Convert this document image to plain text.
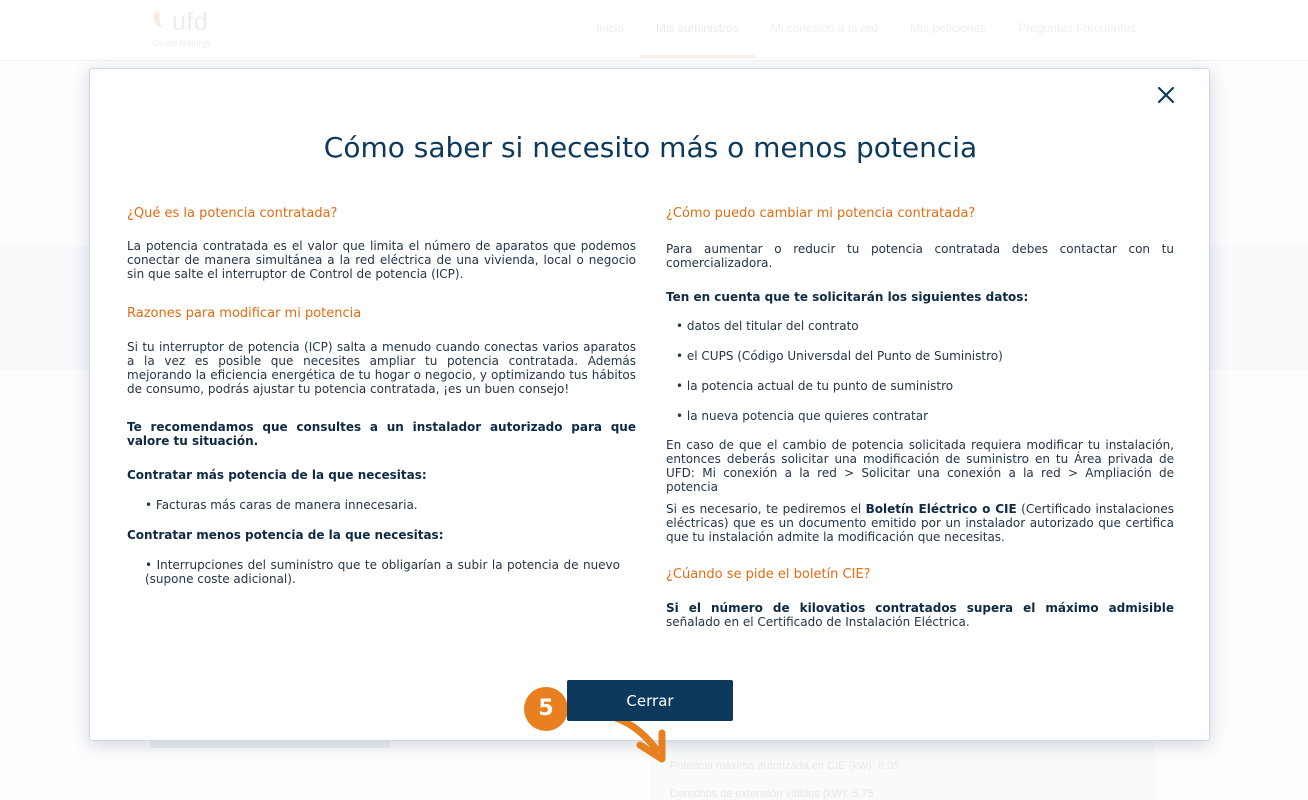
Cómo saber si necesito más o menos potencia
¿Qué es la potencia contratada?

La potencia contratada es el valor que limita el número de aparatos que podemos conectar de manera simultánea a la red eléctrica de una vivienda, local o negocio sin que salte el interruptor de Control de potencia (ICP).

Razones para modificar mi potencia

Si tu interruptor de potencia (ICP) salta a menudo cuando conectas varios aparatos a la vez es posible que necesites ampliar tu potencia contratada. Además mejorando la eficiencia energética de tu hogar o negocio, y optimizando tus hábitos de consumo, podrás ajustar tu potencia contratada, ¡es un buen consejo!

Te recomendamos que consultes a un instalador autorizado para que valore tu situación.

Contratar más potencia de la que necesitas:

• Facturas más caras de manera innecesaria.

Contratar menos potencia de la que necesitas:

• Interrupciones del suministro que te obligarían a subir la potencia de nuevo (supone coste adicional).

¿Cómo puedo cambiar mi potencia contratada?

Para aumentar o reducir tu potencia contratada debes contactar con tu comercializadora.

Ten en cuenta que te solicitarán los siguientes datos:

• datos del titular del contrato

• el CUPS (Código Universdal del Punto de Suministro)

• la potencia actual de tu punto de suministro

• la nueva potencia que quieres contratar

En caso de que el cambio de potencia solicitada requiera modificar tu instalación, entonces deberás solicitar una modificación de suministro en tu Área privada de UFD: Mi conexión a la red > Solicitar una conexión a la red > Ampliación de potencia

Si es necesario, te pediremos el Boletín Eléctrico o CIE (Certificado instalaciones eléctricas) que es un documento emitido por un instalador autorizado que certifica que tu instalación admite la modificación que necesitas.

¿Cúando se pide el boletín CIE?

Si el número de kilovatios contratados supera el máximo admisible señalado en el Certificado de Instalación Eléctrica.

5	Cerrar
